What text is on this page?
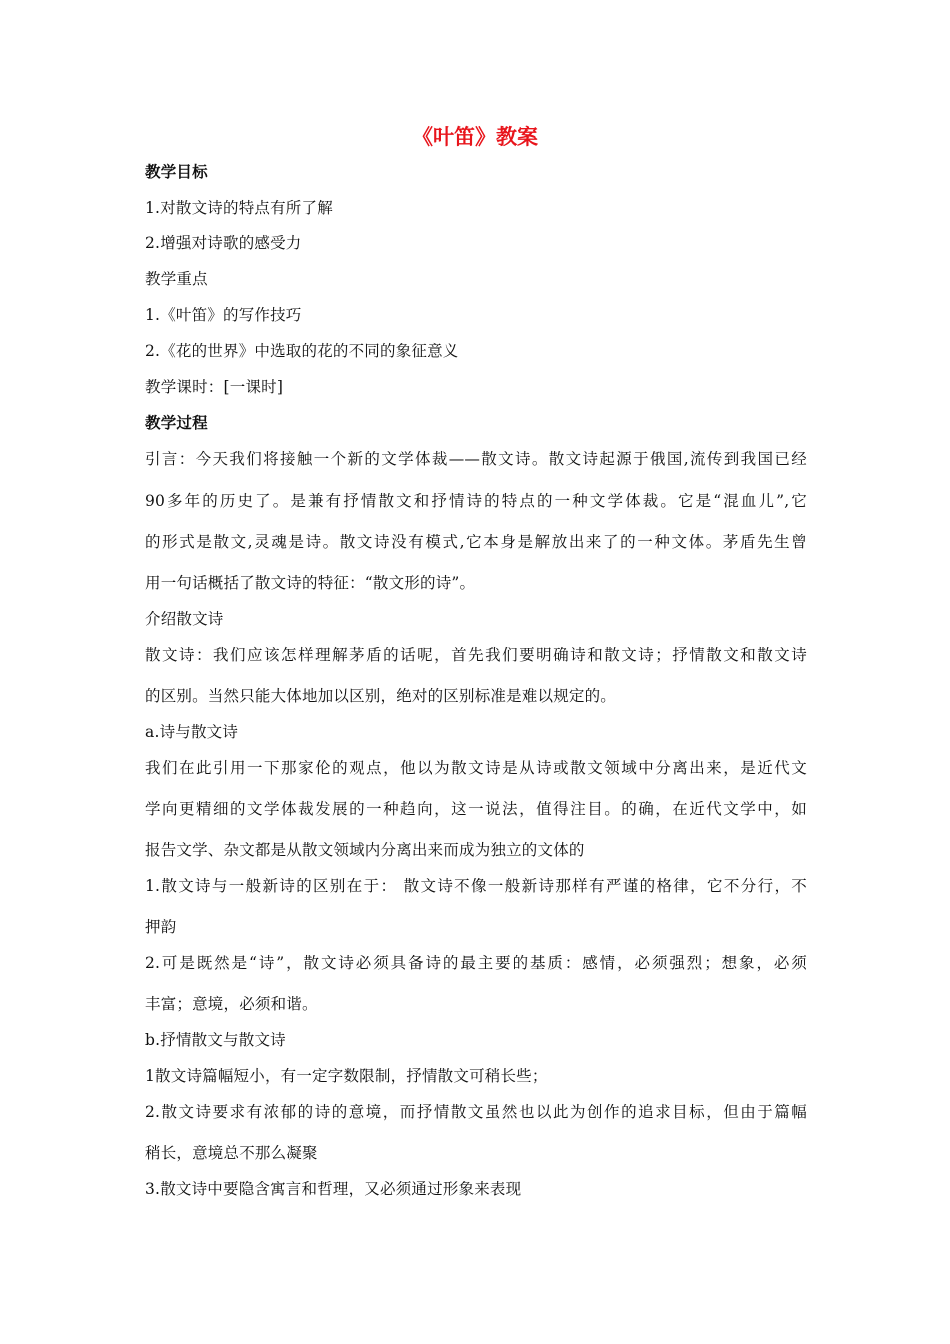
《叶笛》教案
教学目标
1.对散文诗的特点有所了解
2.增强对诗歌的感受力
教学重点
1.《叶笛》的写作技巧
2.《花的世界》中选取的花的不同的象征意义
教学课时：[一课时]
教学过程
引言：今天我们将接触一个新的文学体裁——散文诗。散文诗起源于俄国,流传到我国已经
90多年的历史了。是兼有抒情散文和抒情诗的特点的一种文学体裁。它是“混血儿”,它
的形式是散文,灵魂是诗。散文诗没有模式,它本身是解放出来了的一种文体。茅盾先生曾
用一句话概括了散文诗的特征：“散文形的诗”。
介绍散文诗
散文诗：我们应该怎样理解茅盾的话呢，首先我们要明确诗和散文诗；抒情散文和散文诗
的区别。当然只能大体地加以区别，绝对的区别标准是难以规定的。
a.诗与散文诗
我们在此引用一下那家伦的观点，他以为散文诗是从诗或散文领域中分离出来，是近代文
学向更精细的文学体裁发展的一种趋向，这一说法，值得注目。的确，在近代文学中，如
报告文学、杂文都是从散文领域内分离出来而成为独立的文体的
1.散文诗与一般新诗的区别在于： 散文诗不像一般新诗那样有严谨的格律，它不分行，不
押韵
2.可是既然是“诗”，散文诗必须具备诗的最主要的基质：感情，必须强烈；想象，必须
丰富；意境，必须和谐。
b.抒情散文与散文诗
1散文诗篇幅短小，有一定字数限制，抒情散文可稍长些；
2.散文诗要求有浓郁的诗的意境，而抒情散文虽然也以此为创作的追求目标，但由于篇幅
稍长，意境总不那么凝聚
3.散文诗中要隐含寓言和哲理，又必须通过形象来表现
